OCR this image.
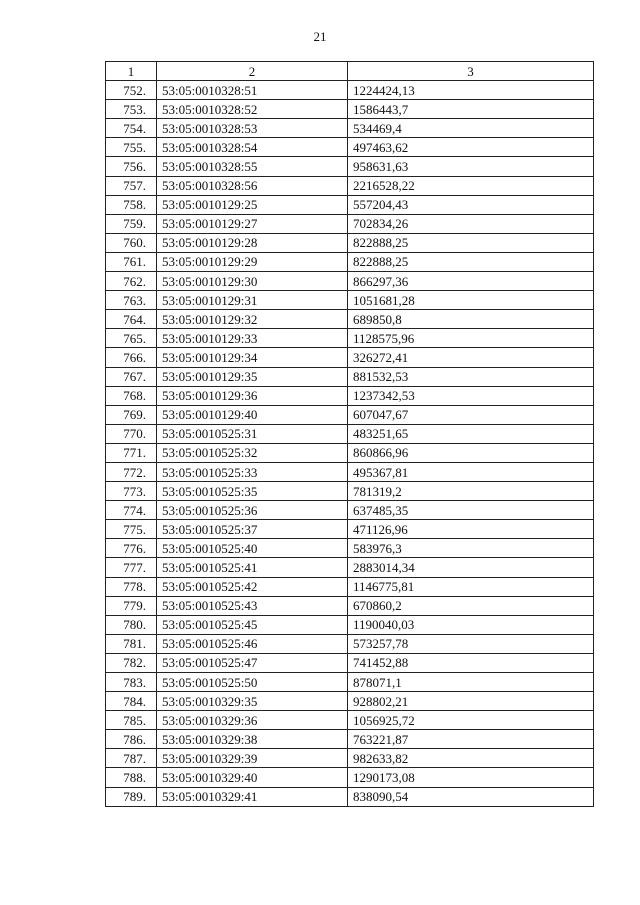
21
1	2	3
752.	53:05:0010328:51	1224424,13
753.	53:05:0010328:52	1586443,7
754.	53:05:0010328:53	534469,4
755.	53:05:0010328:54	497463,62
756.	53:05:0010328:55	958631,63
757.	53:05:0010328:56	2216528,22
758.	53:05:0010129:25	557204,43
759.	53:05:0010129:27	702834,26
760.	53:05:0010129:28	822888,25
761.	53:05:0010129:29	822888,25
762.	53:05:0010129:30	866297,36
763.	53:05:0010129:31	1051681,28
764.	53:05:0010129:32	689850,8
765.	53:05:0010129:33	1128575,96
766.	53:05:0010129:34	326272,41
767.	53:05:0010129:35	881532,53
768.	53:05:0010129:36	1237342,53
769.	53:05:0010129:40	607047,67
770.	53:05:0010525:31	483251,65
771.	53:05:0010525:32	860866,96
772.	53:05:0010525:33	495367,81
773.	53:05:0010525:35	781319,2
774.	53:05:0010525:36	637485,35
775.	53:05:0010525:37	471126,96
776.	53:05:0010525:40	583976,3
777.	53:05:0010525:41	2883014,34
778.	53:05:0010525:42	1146775,81
779.	53:05:0010525:43	670860,2
780.	53:05:0010525:45	1190040,03
781.	53:05:0010525:46	573257,78
782.	53:05:0010525:47	741452,88
783.	53:05:0010525:50	878071,1
784.	53:05:0010329:35	928802,21
785.	53:05:0010329:36	1056925,72
786.	53:05:0010329:38	763221,87
787.	53:05:0010329:39	982633,82
788.	53:05:0010329:40	1290173,08
789.	53:05:0010329:41	838090,54
